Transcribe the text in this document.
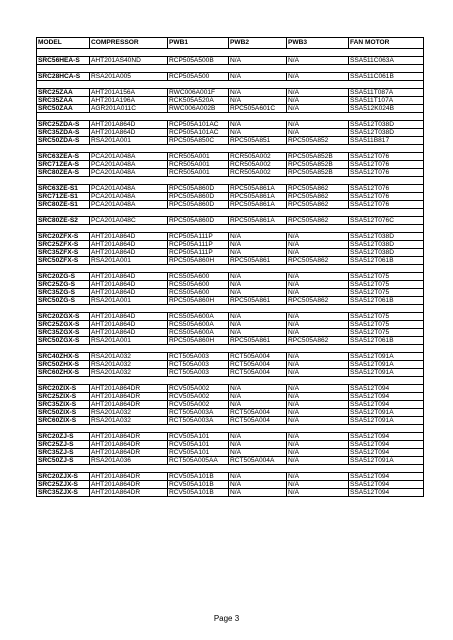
MODEL	COMPRESSOR	PWB1	PWB2	PWB3	FAN MOTOR

SRC56HEA-S	AHT201AS40ND	RCP505A500B	N/A	N/A	SSA511C063A

SRC28HCA-S	RSA201A005	RCP505A500	N/A	N/A	SSA511C061B

SRC25ZAA	AHT201A156A	RWC006A001F	N/A	N/A	SSA511T087A
SRC35ZAA	AHT201A196A	RCK505A520A	N/A	N/A	SSA511T107A
SRC50ZAA	AGR201A011C	RWC006A002B	RPC505A601C	N/A	SSA512K024B

SRC25ZDA-S	AHT201A864D	RCP505A101AC	N/A	N/A	SSA512T038D
SRC35ZDA-S	AHT201A864D	RCP505A101AC	N/A	N/A	SSA512T038D
SRC50ZDA-S	RSA201A001	RPC505A850C	RPC505A851	RPC505A852	SSA511B817

SRC63ZEA-S	PCA201A048A	RCR505A001	RCR505A002	RPC505A852B	SSA512T076
SRC71ZEA-S	PCA201A048A	RCR505A001	RCR505A002	RPC505A852B	SSA512T076
SRC80ZEA-S	PCA201A048A	RCR505A001	RCR505A002	RPC505A852B	SSA512T076

SRC63ZE-S1	PCA201A048A	RPC505A860D	RPC505A861A	RPC505A862	SSA512T076
SRC71ZE-S1	PCA201A048A	RPC505A860D	RPC505A861A	RPC505A862	SSA512T076
SRC80ZE-S1	PCA201A048A	RPC505A860D	RPC505A861A	RPC505A862	SSA512T076

SRC80ZE-S2	PCA201A048C	RPC505A860D	RPC505A861A	RPC505A862	SSA512T076C

SRC20ZFX-S	AHT201A864D	RCP505A111P	N/A	N/A	SSA512T038D
SRC25ZFX-S	AHT201A864D	RCP505A111P	N/A	N/A	SSA512T038D
SRC35ZFX-S	AHT201A864D	RCP505A111P	N/A	N/A	SSA512T038D
SRC50ZFX-S	RSA201A001	RPC505A860H	RPC505A861	RPC505A862	SSA512T061B

SRC20ZG-S	AHT201A864D	RCS505A600	N/A	N/A	SSA512T075
SRC25ZG-S	AHT201A864D	RCS505A600	N/A	N/A	SSA512T075
SRC35ZG-S	AHT201A864D	RCS505A600	N/A	N/A	SSA512T075
SRC50ZG-S	RSA201A001	RPC505A860H	RPC505A861	RPC505A862	SSA512T061B

SRC20ZGX-S	AHT201A864D	RCS505A600A	N/A	N/A	SSA512T075
SRC25ZGX-S	AHT201A864D	RCS505A600A	N/A	N/A	SSA512T075
SRC35ZGX-S	AHT201A864D	RCS505A600A	N/A	N/A	SSA512T075
SRC50ZGX-S	RSA201A001	RPC505A860H	RPC505A861	RPC505A862	SSA512T061B

SRC40ZHX-S	RSA201A032	RCT505A003	RCT505A004	N/A	SSA512T091A
SRC50ZHX-S	RSA201A032	RCT505A003	RCT505A004	N/A	SSA512T091A
SRC60ZHX-S	RSA201A032	RCT505A003	RCT505A004	N/A	SSA512T091A

SRC20ZIX-S	AHT201A864DR	RCV505A002	N/A	N/A	SSA512T094
SRC25ZIX-S	AHT201A864DR	RCV505A002	N/A	N/A	SSA512T094
SRC35ZIX-S	AHT201A864DR	RCV505A002	N/A	N/A	SSA512T094
SRC50ZIX-S	RSA201A032	RCT505A003A	RCT505A004	N/A	SSA512T091A
SRC60ZIX-S	RSA201A032	RCT505A003A	RCT505A004	N/A	SSA512T091A

SRC20ZJ-S	AHT201A864DR	RCV505A101	N/A	N/A	SSA512T094
SRC25ZJ-S	AHT201A864DR	RCV505A101	N/A	N/A	SSA512T094
SRC35ZJ-S	AHT201A864DR	RCV505A101	N/A	N/A	SSA512T094
SRC50ZJ-S	RSA201A036	RCT505A005AA	RCT505A004A	N/A	SSA512T091A

SRC20ZJX-S	AHT201A864DR	RCV505A101B	N/A	N/A	SSA512T094
SRC25ZJX-S	AHT201A864DR	RCV505A101B	N/A	N/A	SSA512T094
SRC35ZJX-S	AHT201A864DR	RCV505A101B	N/A	N/A	SSA512T094
Page 3
